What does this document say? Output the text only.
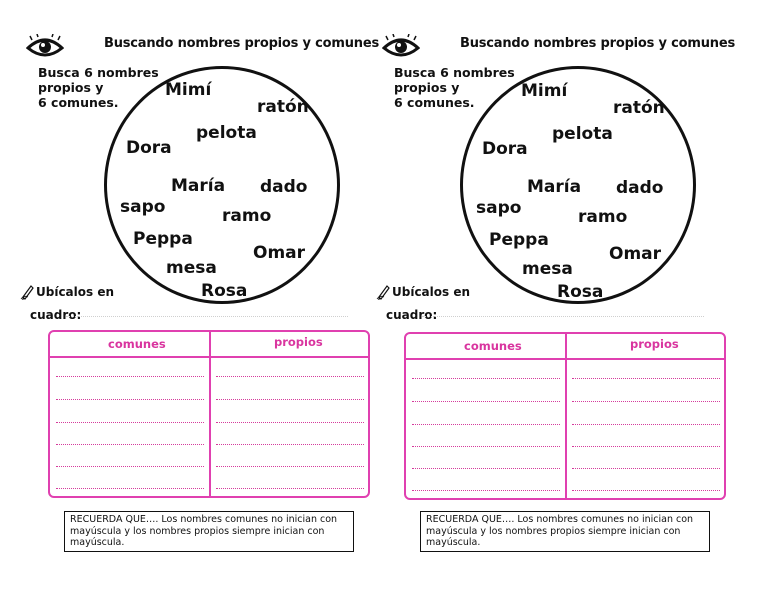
Buscando nombres propios y comunes
Busca 6 nombres
propios y
6 comunes.
Mimí
ratón
pelota
Dora
María dado
sapo	ramo
Peppa
Omar
mesa
Rosa
Ubícalos en
cuadro:
comunes	propios
RECUERDA QUE…. Los nombres comunes no inician con mayúscula y los nombres propios siempre inician con mayúscula.
Buscando nombres propios y comunes
Busca 6 nombres
propios y
6 comunes.
Mimí
ratón
pelota
Dora
María dado
sapo	ramo
Peppa
Omar
mesa
Rosa
Ubícalos en
cuadro:
comunes	propios
RECUERDA QUE…. Los nombres comunes no inician con mayúscula y los nombres propios siempre inician con mayúscula.
